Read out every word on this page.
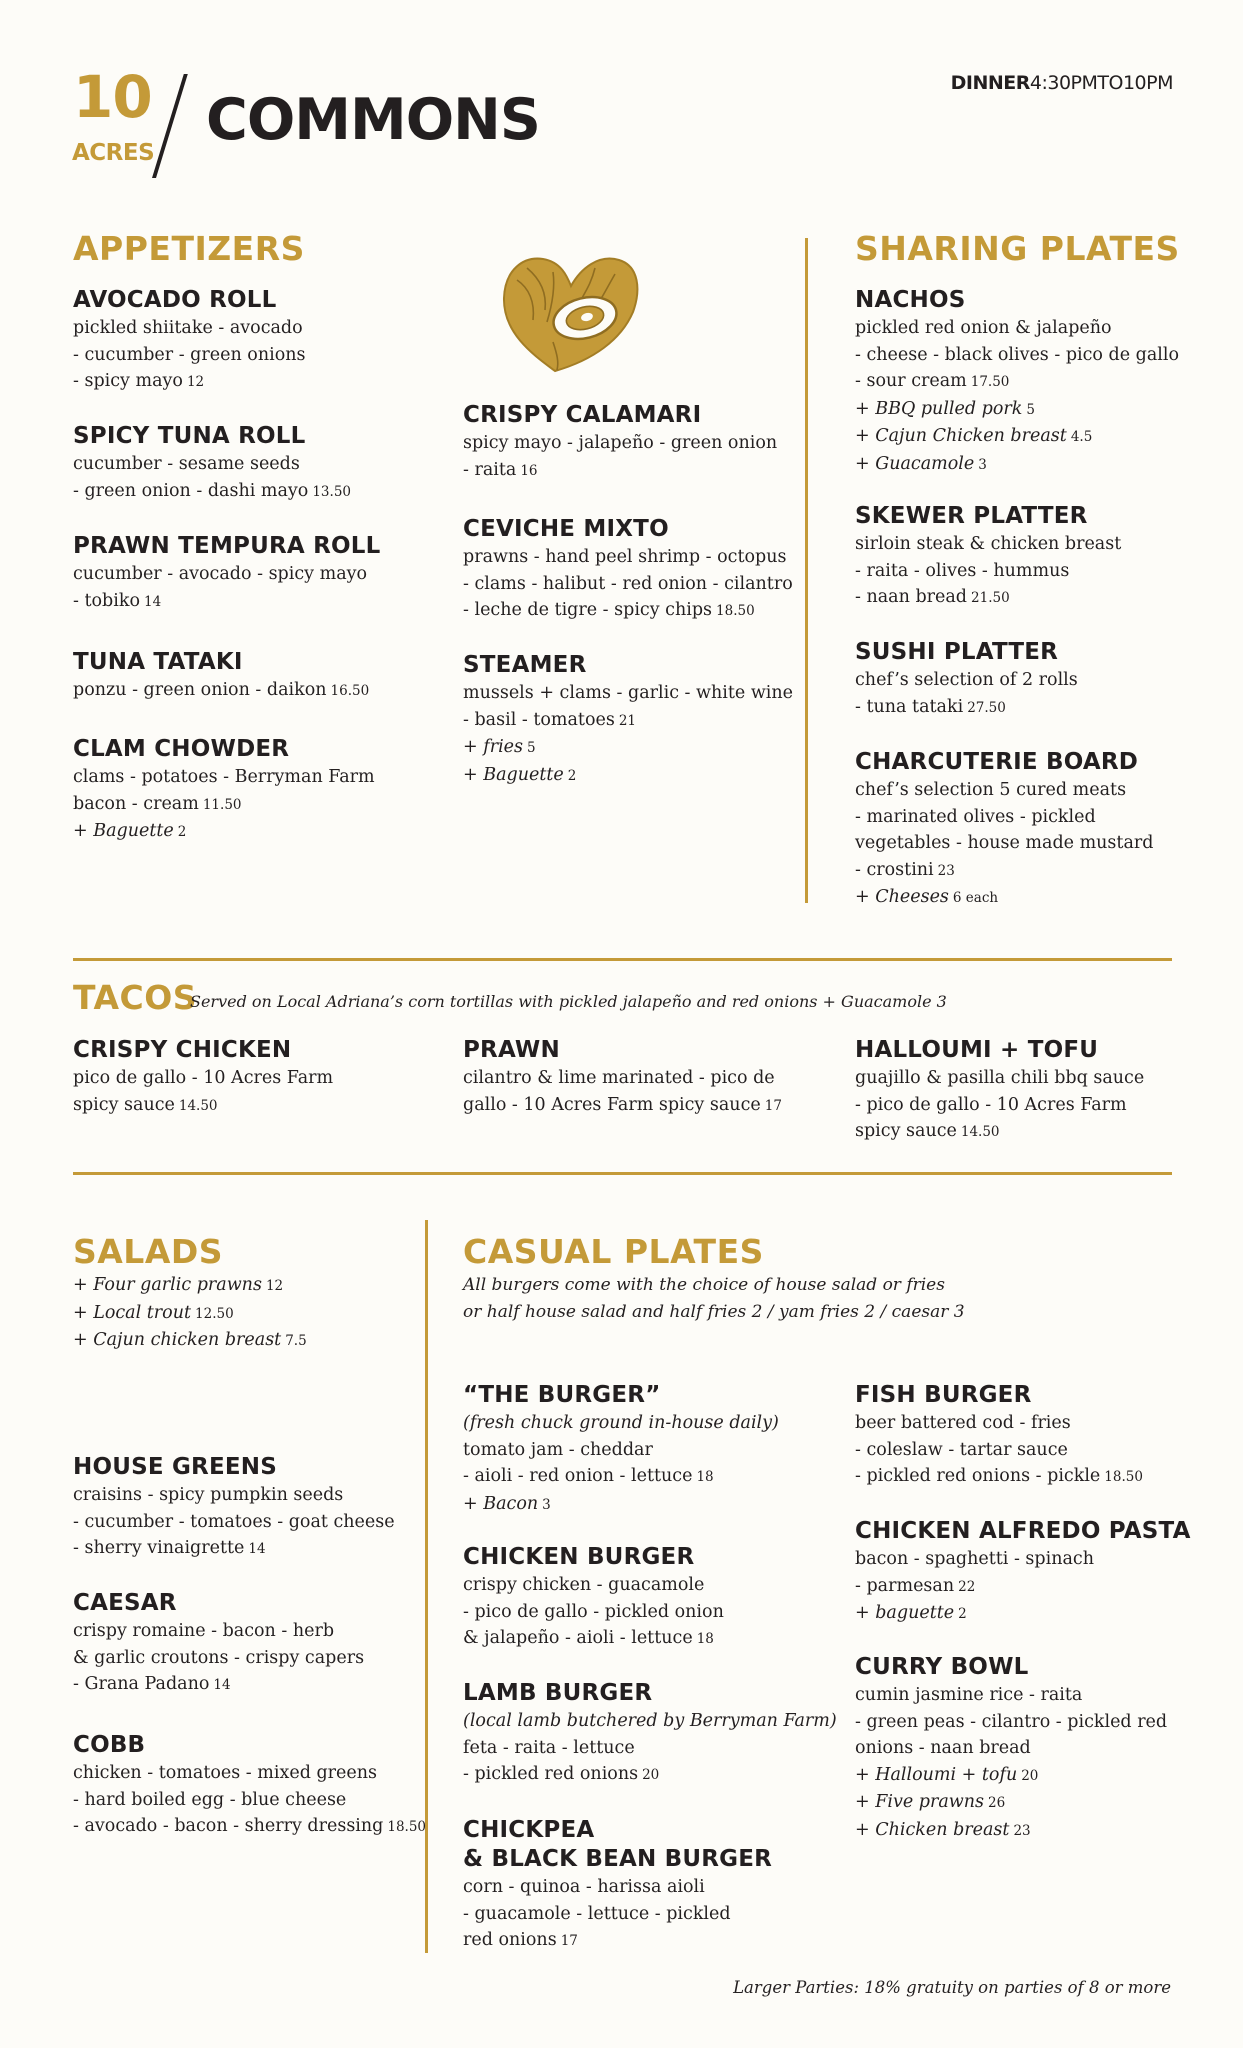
10
ACRES COMMONS
DINNER4:30PMTO10PM
APPETIZERS	SHARING PLATES
TACOS
Served on Local Adriana’s corn tortillas with pickled jalapeño and red onions + Guacamole 3
SALADS	CASUAL PLATES
All burgers come with the choice of house salad or fries
or half house salad and half fries 2 / yam fries 2 / caesar 3
AVOCADO ROLL
pickled shiitake - avocado
- cucumber - green onions
- spicy mayo 12
SPICY TUNA ROLL
cucumber - sesame seeds
- green onion - dashi mayo 13.50
PRAWN TEMPURA ROLL
cucumber - avocado - spicy mayo
- tobiko 14
TUNA TATAKI
ponzu - green onion - daikon 16.50
CLAM CHOWDER
clams - potatoes - Berryman Farm
bacon - cream 11.50
+ Baguette 2
CRISPY CALAMARI
spicy mayo - jalapeño - green onion
- raita 16
CEVICHE MIXTO
prawns - hand peel shrimp - octopus
- clams - halibut - red onion - cilantro
- leche de tigre - spicy chips 18.50
STEAMER
mussels + clams - garlic - white wine
- basil - tomatoes 21
+ fries 5
+ Baguette 2
NACHOS
pickled red onion & jalapeño
- cheese - black olives - pico de gallo
- sour cream 17.50
+ BBQ pulled pork 5
+ Cajun Chicken breast 4.5
+ Guacamole 3
SKEWER PLATTER
sirloin steak & chicken breast
- raita - olives - hummus
- naan bread 21.50
SUSHI PLATTER
chef’s selection of 2 rolls
- tuna tataki 27.50
CHARCUTERIE BOARD
chef’s selection 5 cured meats
- marinated olives - pickled
vegetables - house made mustard
- crostini 23
+ Cheeses 6 each
CRISPY CHICKEN
pico de gallo - 10 Acres Farm
spicy sauce 14.50
PRAWN
cilantro & lime marinated - pico de
gallo - 10 Acres Farm spicy sauce 17
HALLOUMI + TOFU
guajillo & pasilla chili bbq sauce
- pico de gallo - 10 Acres Farm
spicy sauce 14.50
+ Four garlic prawns 12
+ Local trout 12.50
+ Cajun chicken breast 7.5
HOUSE GREENS
craisins - spicy pumpkin seeds
- cucumber - tomatoes - goat cheese
- sherry vinaigrette 14
CAESAR
crispy romaine - bacon - herb
& garlic croutons - crispy capers
- Grana Padano 14
COBB
chicken - tomatoes - mixed greens
- hard boiled egg - blue cheese
- avocado - bacon - sherry dressing 18.50
“THE BURGER”
(fresh chuck ground in-house daily)
tomato jam - cheddar
- aioli - red onion - lettuce 18
+ Bacon 3
CHICKEN BURGER
crispy chicken - guacamole
- pico de gallo - pickled onion
& jalapeño - aioli - lettuce 18
LAMB BURGER
(local lamb butchered by Berryman Farm)
feta - raita - lettuce
- pickled red onions 20
CHICKPEA
& BLACK BEAN BURGER
corn - quinoa - harissa aioli
- guacamole - lettuce - pickled
red onions 17
FISH BURGER
beer battered cod - fries
- coleslaw - tartar sauce
- pickled red onions - pickle 18.50
CHICKEN ALFREDO PASTA
bacon - spaghetti - spinach
- parmesan 22
+ baguette 2
CURRY BOWL
cumin jasmine rice - raita
- green peas - cilantro - pickled red
onions - naan bread
+ Halloumi + tofu 20
+ Five prawns 26
+ Chicken breast 23
Larger Parties: 18% gratuity on parties of 8 or more
